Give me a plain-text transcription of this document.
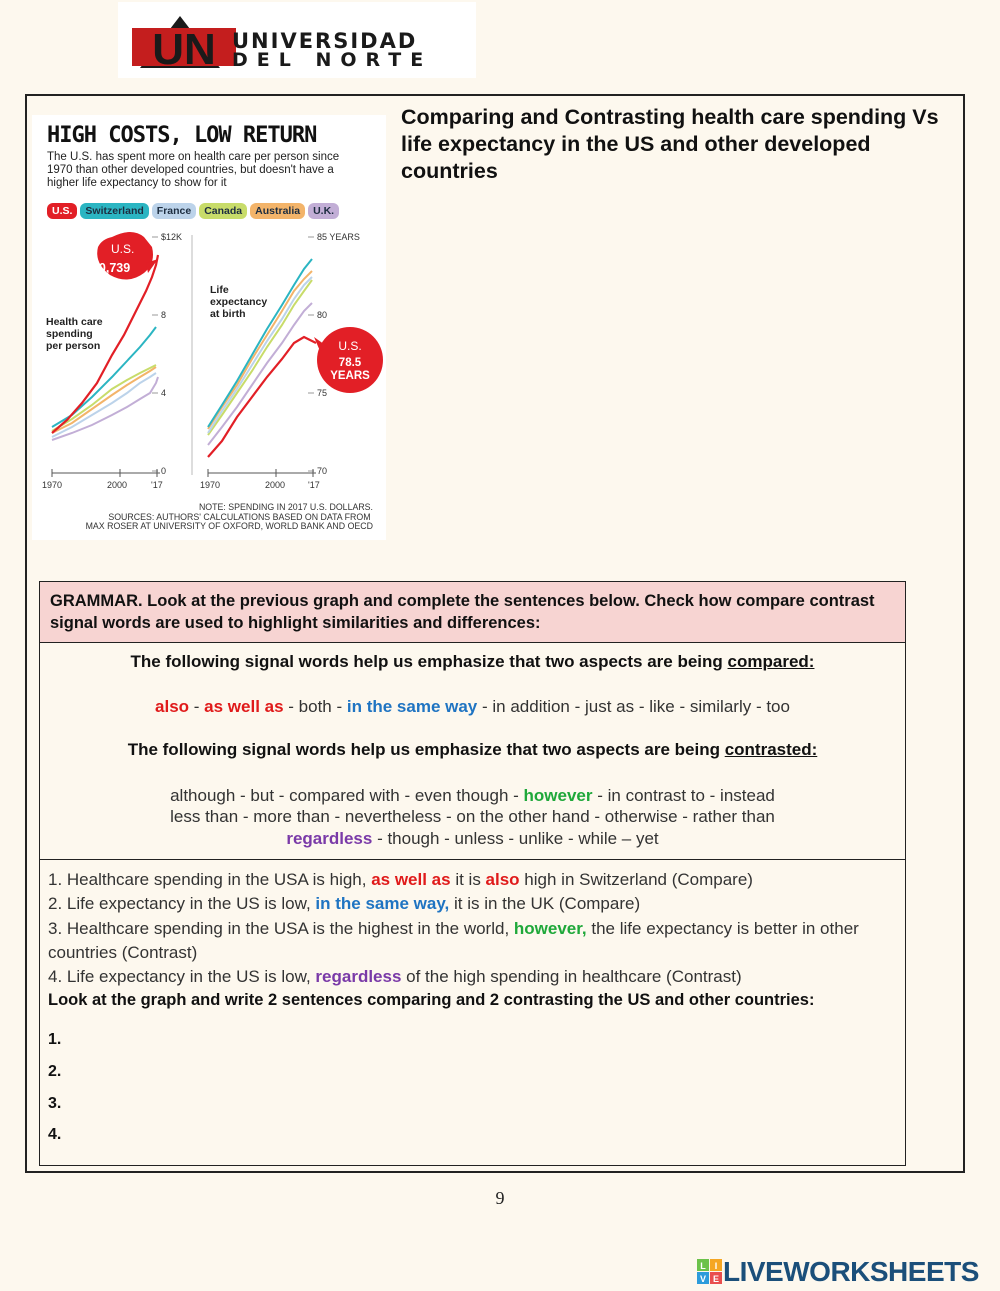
UN UNIVERSIDAD
DEL NORTE
$12K
8
4
0
1970	2000	'17
U.S.
$10,739
Health care spending per person
85 YEARS
80
75
70
1970	2000	'17
U.S.
78.5 YEARS
Life expectancy at birth
NOTE: SPENDING IN 2017 U.S. DOLLARS.
SOURCES: AUTHORS' CALCULATIONS BASED ON DATA FROM MAX ROSER AT UNIVERSITY OF OXFORD, WORLD BANK AND OECD
HIGH COSTS, LOW RETURN
The U.S. has spent more on health care per person since 1970 than other developed countries, but doesn't have a higher life expectancy to show for it
U.S.	Switzerland	France	Canada	Australia	U.K.
Comparing and Contrasting health care spending Vs life expectancy in the US and other developed countries
GRAMMAR. Look at the previous graph and complete the sentences below. Check how compare contrast signal words are used to highlight similarities and differences:
The following signal words help us emphasize that two aspects are being compared:
also - as well as - both - in the same way - in addition - just as - like - similarly - too
The following signal words help us emphasize that two aspects are being contrasted:
although - but - compared with - even though - however - in contrast to - instead
less than - more than - nevertheless - on the other hand - otherwise - rather than
regardless - though - unless - unlike - while – yet
1. Healthcare spending in the USA is high, as well as it is also high in Switzerland (Compare)
2. Life expectancy in the US is low, in the same way, it is in the UK (Compare)
3. Healthcare spending in the USA is the highest in the world, however, the life expectancy is better in other countries (Contrast)
4. Life expectancy in the US is low, regardless of the high spending in healthcare (Contrast)
Look at the graph and write 2 sentences comparing and 2 contrasting the US and other countries:
1.
2.
3.
4.
9
L I
V E LIVEWORKSHEETS
